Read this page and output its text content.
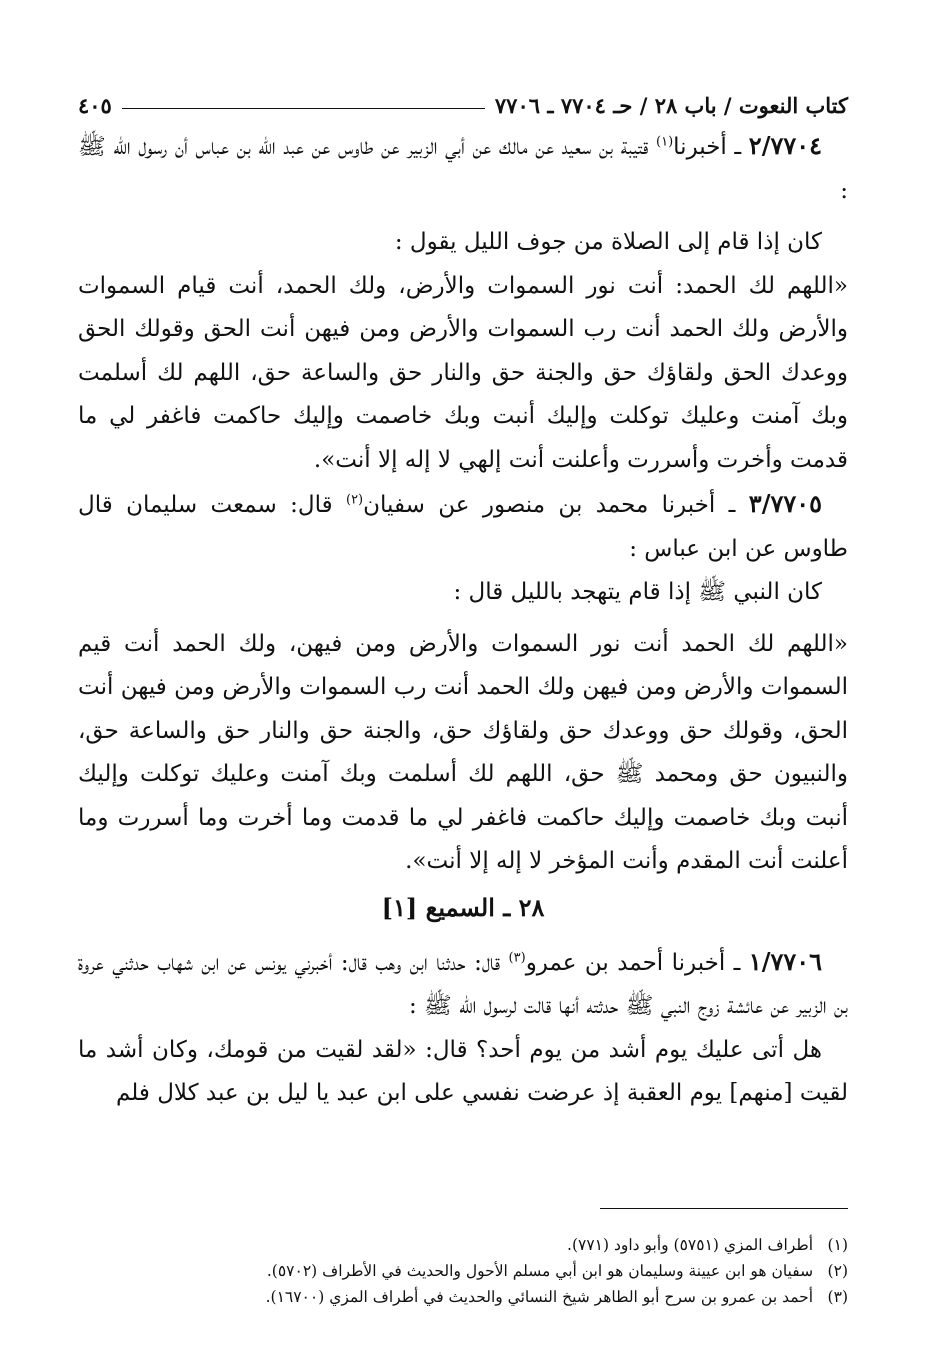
كتاب النعوت / باب ٢٨ / حـ ٧٧٠٤ ـ ٧٧٠٦
٤٠٥

٢/٧٧٠٤ ـ أخبرنا$^{(١)}$ قتيبة بن سعيد عن مالك عن أبي الزبير عن طاوس عن عبد الله بن عباس أن رسول الله ﷺ :

كان إذا قام إلى الصلاة من جوف الليل يقول :

«اللهم لك الحمد: أنت نور السموات والأرض، ولك الحمد، أنت قيام السموات والأرض ولك الحمد أنت رب السموات والأرض ومن فيهن أنت الحق وقولك الحق ووعدك الحق ولقاؤك حق والجنة حق والنار حق والساعة حق، اللهم لك أسلمت وبك آمنت وعليك توكلت وإليك أنبت وبك خاصمت وإليك حاكمت فاغفر لي ما قدمت وأخرت وأسررت وأعلنت أنت إلهي لا إله إلا أنت».

٣/٧٧٠٥ ـ أخبرنا محمد بن منصور عن سفيان$^{(٢)}$ قال: سمعت سليمان قال طاوس عن ابن عباس :

كان النبي ﷺ إذا قام يتهجد بالليل قال :

«اللهم لك الحمد أنت نور السموات والأرض ومن فيهن، ولك الحمد أنت قيم السموات والأرض ومن فيهن ولك الحمد أنت رب السموات والأرض ومن فيهن أنت الحق، وقولك حق ووعدك حق ولقاؤك حق، والجنة حق والنار حق والساعة حق، والنبيون حق ومحمد ﷺ حق، اللهم لك أسلمت وبك آمنت وعليك توكلت وإليك أنبت وبك خاصمت وإليك حاكمت فاغفر لي ما قدمت وما أخرت وما أسررت وما أعلنت أنت المقدم وأنت المؤخر لا إله إلا أنت».

٢٨ ـ السميع [١]

١/٧٧٠٦ ـ أخبرنا أحمد بن عمرو$^{(٣)}$ قال: حدثنا ابن وهب قال: أخبرني يونس عن ابن شهاب حدثني عروة بن الزبير عن عائشة زوج النبي ﷺ حدثته أنها قالت لرسول الله ﷺ :

هل أتى عليك يوم أشد من يوم أحد؟ قال: «لقد لقيت من قومك، وكان أشد ما لقيت [منهم] يوم العقبة إذ عرضت نفسي على ابن عبد يا ليل بن عبد كلال فلم

(١) أطراف المزي (٥٧٥١) وأبو داود (٧٧١).

(٢) سفيان هو ابن عيينة وسليمان هو ابن أبي مسلم الأحول والحديث في الأطراف (٥٧٠٢).

(٣) أحمد بن عمرو بن سرح أبو الطاهر شيخ النسائي والحديث في أطراف المزي (١٦٧٠٠).
